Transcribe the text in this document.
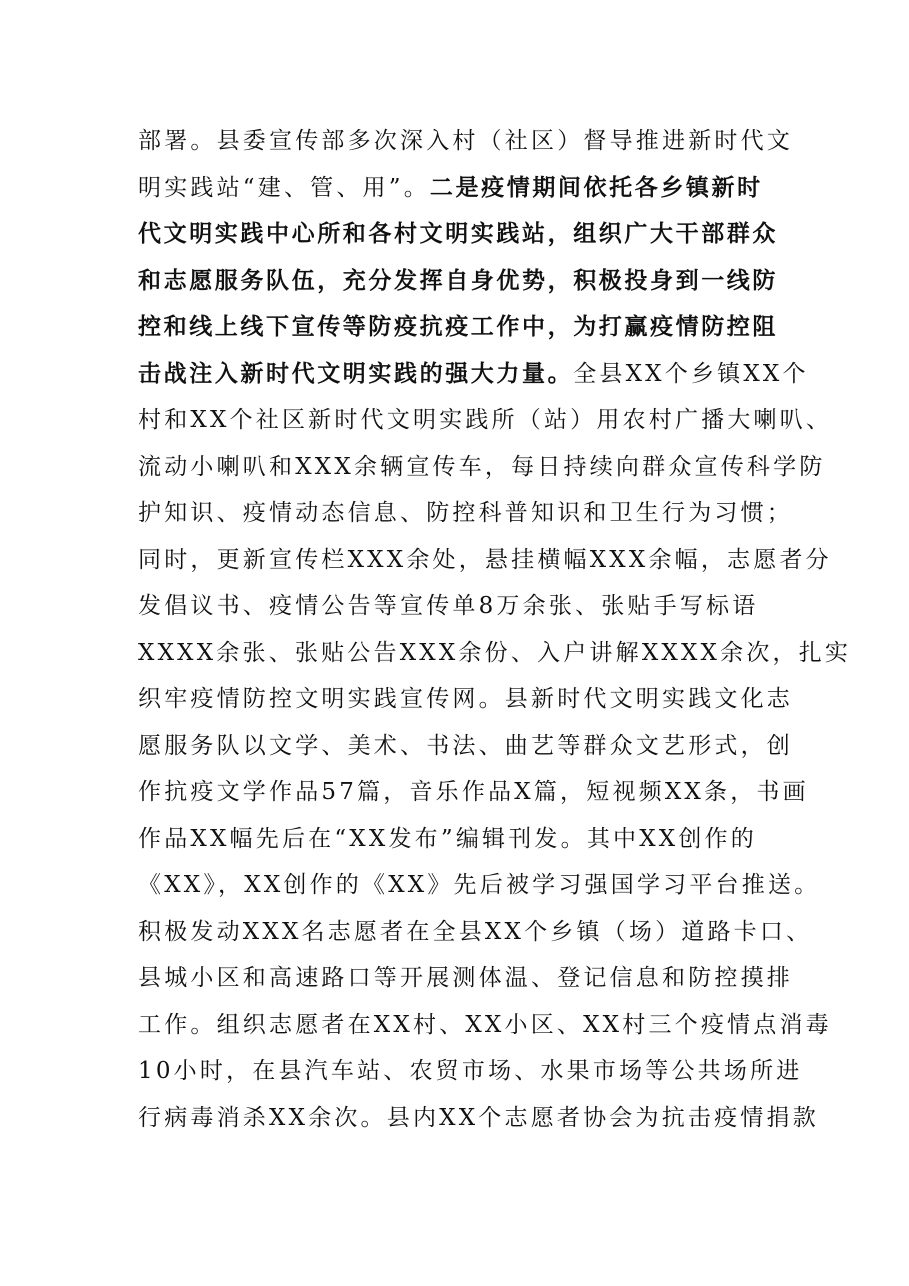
部署。县委宣传部多次深入村（社区）督导推进新时代文
明实践站“建、管、用”。二是疫情期间依托各乡镇新时
代文明实践中心所和各村文明实践站，组织广大干部群众
和志愿服务队伍，充分发挥自身优势，积极投身到一线防
控和线上线下宣传等防疫抗疫工作中，为打赢疫情防控阻
击战注入新时代文明实践的强大力量。全县XX个乡镇XX个
村和XX个社区新时代文明实践所（站）用农村广播大喇叭、
流动小喇叭和XXX余辆宣传车，每日持续向群众宣传科学防
护知识、疫情动态信息、防控科普知识和卫生行为习惯；
同时，更新宣传栏XXX余处，悬挂横幅XXX余幅，志愿者分
发倡议书、疫情公告等宣传单8万余张、张贴手写标语
XXXX余张、张贴公告XXX余份、入户讲解XXXX余次，扎实
织牢疫情防控文明实践宣传网。县新时代文明实践文化志
愿服务队以文学、美术、书法、曲艺等群众文艺形式，创
作抗疫文学作品57篇，音乐作品X篇，短视频XX条，书画
作品XX幅先后在“XX发布”编辑刊发。其中XX创作的
《XX》，XX创作的《XX》先后被学习强国学习平台推送。
积极发动XXX名志愿者在全县XX个乡镇（场）道路卡口、
县城小区和高速路口等开展测体温、登记信息和防控摸排
工作。组织志愿者在XX村、XX小区、XX村三个疫情点消毒
10小时，在县汽车站、农贸市场、水果市场等公共场所进
行病毒消杀XX余次。县内XX个志愿者协会为抗击疫情捐款
